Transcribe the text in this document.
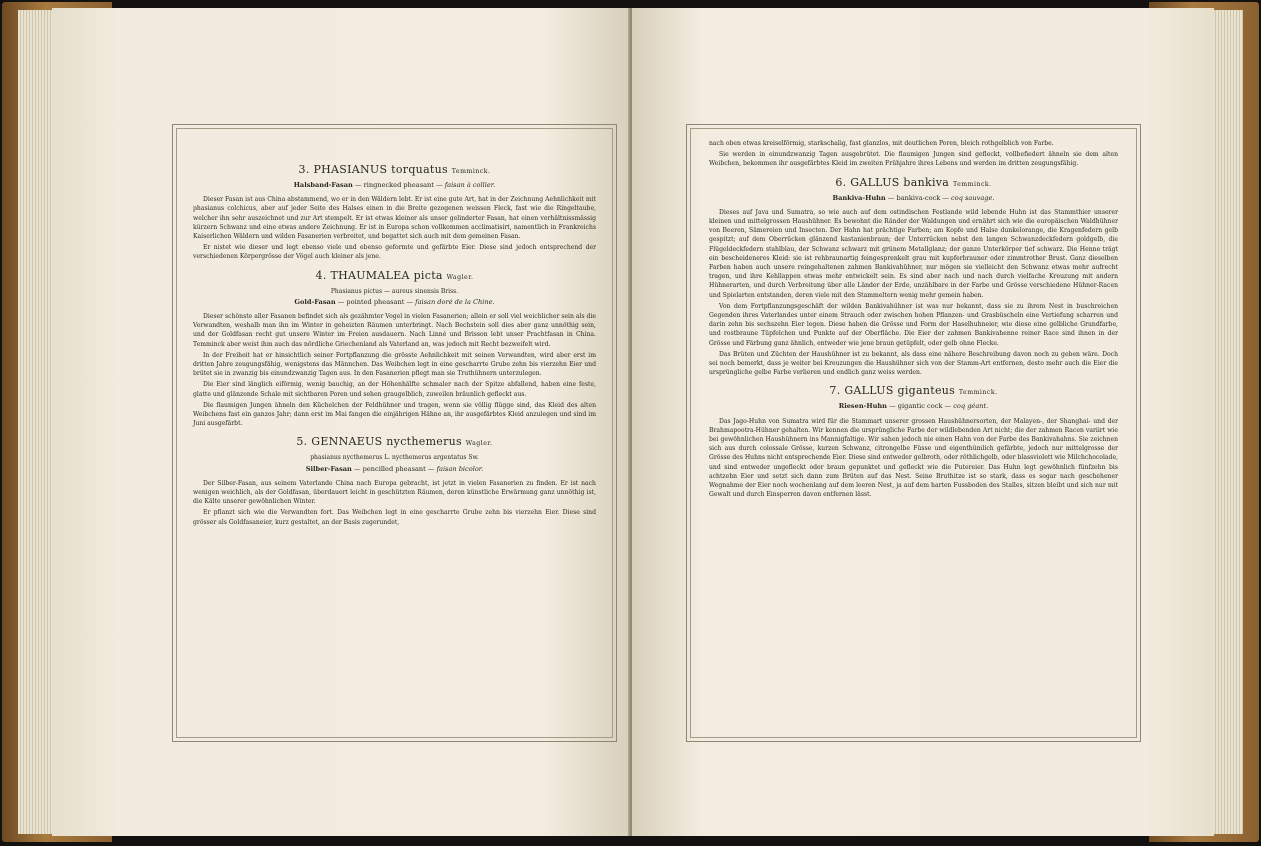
3. PHASIANUS torquatus Temminck.
Halsband-Fasan — ringnecked pheasant — faisan à collier.

Dieser Fasan ist aus China abstammend, wo er in den Wäldern lebt. Er ist eine gute Art, hat in der Zeichnung Aehnlichkeit mit phasianus colchicus, aber auf jeder Seite des Halses einen in die Breite gezogenen weissen Fleck, fast wie die Ringeltaube, welcher ihn sehr auszeichnet und zur Art stempelt. Er ist etwas kleiner als unser gelinderter Fasan, hat einen verhältnissmässig kürzern Schwanz und eine etwas andere Zeichnung. Er ist in Europa schon vollkommen acclimatisirt, namentlich in Frankreichs Kaiserlichen Wäldern und wilden Fasanerien verbreitet, und begattet sich auch mit dem gemeinen Fasan.

Er nistet wie dieser und legt ebenso viele und ebenso geformte und gefärbte Eier. Diese sind jedoch entsprechend der verschiedenen Körpergrösse der Vögel auch kleiner als jene.

4. THAUMALEA picta Wagler.
Phasianus pictus — aureus sinensis Briss.
Gold-Fasan — pointed pheasant — faisan doré de la Chine.

Dieser schönste aller Fasanen befindet sich als gezähmter Vogel in vielen Fasanerien; allein er soll viel weichlicher sein als die Verwandten, weshalb man ihn im Winter in geheizten Räumen unterbringt. Nach Bechstein soll dies aber ganz unnöthig sein, und der Goldfasan recht gut unsere Winter im Freien ausdauern. Nach Linné und Brisson lebt unser Prachtfasan in China. Temminck aber weist ihm auch das nördliche Griechenland als Vaterland an, was jedoch mit Recht bezweifelt wird.

In der Freiheit hat er hinsichtlich seiner Fortpflanzung die grösste Aehnlichkeit mit seinen Verwandten, wird aber erst im dritten Jahre zeugungsfähig, wenigstens das Männchen. Das Weibchen legt in eine gescharrte Grube zehn bis vierzehn Eier und brütet sie in zwanzig bis einundzwanzig Tagen aus. In den Fasanerien pflegt man sie Truthühnern unterzulegen.

Die Eier sind länglich eiförmig, wenig bauchig, an der Höhenhälfte schmaler nach der Spitze abfallend, haben eine feste, glatte und glänzende Schale mit sichtbaren Poren und sehen graugelblich, zuweilen bräunlich gefleckt aus.

Die flaumigen Jungen ähneln den Küchelchen der Feldhühner und tragen, wenn sie völlig flügge sind, das Kleid des alten Weibchens fast ein ganzes Jahr; dann erst im Mai fangen die einjährigen Hähne an, ihr ausgefärbtes Kleid anzulegen und sind im Juni ausgefärbt.

5. GENNAEUS nycthemerus Wagler.
phasianus nycthemerus L. nycthemerus argentatus Sw.
Silber-Fasan — pencilled pheasant — faisan bicolor.

Der Silber-Fasan, aus seinem Vaterlande China nach Europa gebracht, ist jetzt in vielen Fasanerien zu finden. Er ist nach wenigen weichlich, als der Goldfasan, überdauert leicht in geschützten Räumen, deren künstliche Erwärmung ganz unnöthig ist, die Kälte unserer gewöhnlichen Winter.

Er pflanzt sich wie die Verwandten fort. Das Weibchen legt in eine gescharrte Grube zehn bis vierzehn Eier. Diese sind grösser als Goldfasaneier, kurz gestaltet, an der Basis zugerundet,

nach oben etwas kreiselförmig, starkschalig, fast glanzlos, mit deutlichen Poren, bleich rothgelblich von Farbe.

Sie werden in einundzwanzig Tagen ausgebrütet. Die flaumigen Jungen sind gefleckt, vollbefiedert ähneln sie dem alten Weibchen, bekommen ihr ausgefärbtes Kleid im zweiten Frühjahre ihres Lebens und werden im dritten zeugungsfähig.

6. GALLUS bankiva Temminck.
Bankiva-Huhn — bankiva-cock — coq sauvage.

Dieses auf Java und Sumatra, so wie auch auf dem ostindischen Festlande wild lebende Huhn ist das Stammthier unserer kleinen und mittelgrossen Haushühner. Es bewohnt die Ränder der Waldungen und ernährt sich wie die europäischen Waldhühner von Beeren, Sämereien und Insecten. Der Hahn hat prächtige Farben; am Kopfe und Halse dunkelorange, die Kragenfedern gelb gespitzt; auf dem Oberrücken glänzend kastanienbraun; der Unterrücken nebst den langen Schwanzdeckfedern goldgelb, die Flügeldeckfedern stahlblau, der Schwanz schwarz mit grünem Metallglanz; der ganze Unterkörper tief schwarz. Die Henne trägt ein bescheideneres Kleid: sie ist rehbraunartig feingesprenkelt grau mit kupferbrauner oder zimmtrother Brust. Ganz dieselben Farben haben auch unsere reingehaltenen zahmen Bankivahühner, nur mögen sie vielleicht den Schwanz etwas mehr aufrecht tragen, und ihre Kehllappen etwas mehr entwickelt sein. Es sind aber nach und nach durch vielfache Kreuzung mit andern Hühnerarten, und durch Verbreitung über alle Länder der Erde, unzählbare in der Farbe und Grösse verschiedene Hühner-Racen und Spielarten entstanden, deren viele mit den Stammeltern wenig mehr gemein haben.

Von dem Fortpflanzungsgeschäft der wilden Bankivahühner ist was nur bekannt, dass sie zu ihrem Nest in buschreichen Gegenden ihres Vaterlandes unter einem Strauch oder zwischen hohen Pflanzen- und Grasbüscheln eine Vertiefung scharren und darin zehn bis sechszehn Eier legen. Diese haben die Grösse und Form der Haselhuhneier, wie diese eine gelbliche Grundfarbe, und rostbraune Tüpfelchen und Punkte auf der Oberfläche. Die Eier der zahmen Bankivahenne reiner Race sind ihnen in der Grösse und Färbung ganz ähnlich, entweder wie jene braun getüpfelt, oder gelb ohne Flecke.

Das Brüten und Züchten der Haushühner ist zu bekannt, als dass eine nähere Beschreibung davon noch zu geben wäre. Doch sei noch bemerkt, dass je weiter bei Kreuzungen die Haushühner sich von der Stamm-Art entfernen, desto mehr auch die Eier die ursprüngliche gelbe Farbe verlieren und endlich ganz weiss werden.

7. GALLUS giganteus Temminck.
Riesen-Huhn — gigantic cock — coq géant.

Das Jago-Huhn von Sumatra wird für die Stammart unserer grossen Haushühnersorten, der Malayen-, der Shanghai- und der Brahmapootra-Hühner gehalten. Wir kennen die ursprüngliche Farbe der wildlebenden Art nicht; die der zahmen Racen variirt wie bei gewöhnlichen Haushühnern ins Mannigfaltige. Wir sahen jedoch nie einen Hahn von der Farbe des Bankivahahns. Sie zeichnen sich aus durch colossale Grösse, kurzen Schwanz, citrongelbe Füsse und eigenthümlich gefärbte, jedoch nur mittelgrosse der Grösse des Huhns nicht entsprechende Eier. Diese sind entweder gelbroth, oder röthlichgelb, oder blassviolett wie Milchchocolade, und sind entweder ungefleckt oder braun gepunktet und gefleckt wie die Putereier. Das Huhn legt gewöhnlich fünfzehn bis achtzehn Eier und setzt sich dann zum Brüten auf das Nest. Seine Bruthitze ist so stark, dass es sogar nach geschehener Wegnahme der Eier noch wochenlang auf dem leeren Nest, ja auf dem harten Fussboden des Stalles, sitzen bleibt und sich nur mit Gewalt und durch Einsperren davon entfernen lässt.
